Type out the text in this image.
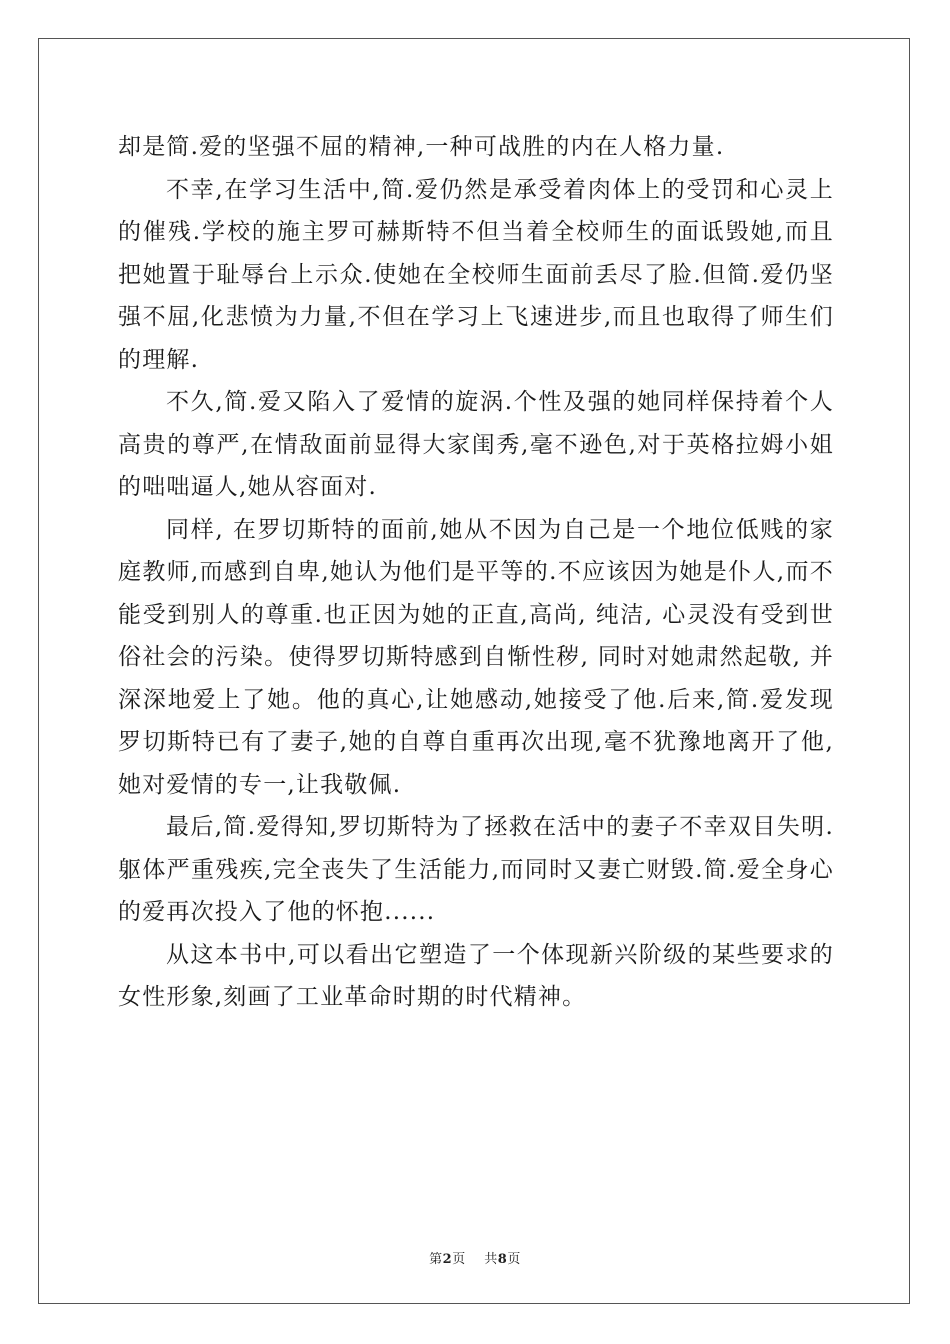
却是简.爱的坚强不屈的精神,一种可战胜的内在人格力量.

不幸,在学习生活中,简.爱仍然是承受着肉体上的受罚和心灵上的催残.学校的施主罗可赫斯特不但当着全校师生的面诋毁她,而且把她置于耻辱台上示众.使她在全校师生面前丢尽了脸.但简.爱仍坚强不屈,化悲愤为力量,不但在学习上飞速进步,而且也取得了师生们的理解.

不久,简.爱又陷入了爱情的旋涡.个性及强的她同样保持着个人高贵的尊严,在情敌面前显得大家闺秀,毫不逊色,对于英格拉姆小姐的咄咄逼人,她从容面对.

同样, 在罗切斯特的面前,她从不因为自己是一个地位低贱的家庭教师,而感到自卑,她认为他们是平等的.不应该因为她是仆人,而不能受到别人的尊重.也正因为她的正直,高尚, 纯洁, 心灵没有受到世俗社会的污染。使得罗切斯特感到自惭性秽, 同时对她肃然起敬, 并深深地爱上了她。他的真心,让她感动,她接受了他.后来,简.爱发现罗切斯特已有了妻子,她的自尊自重再次出现,毫不犹豫地离开了他,她对爱情的专一,让我敬佩.

最后,简.爱得知,罗切斯特为了拯救在活中的妻子不幸双目失明.躯体严重残疾,完全丧失了生活能力,而同时又妻亡财毁.简.爱全身心的爱再次投入了他的怀抱......

从这本书中,可以看出它塑造了一个体现新兴阶级的某些要求的女性形象,刻画了工业革命时期的时代精神。

第2页 共8页
